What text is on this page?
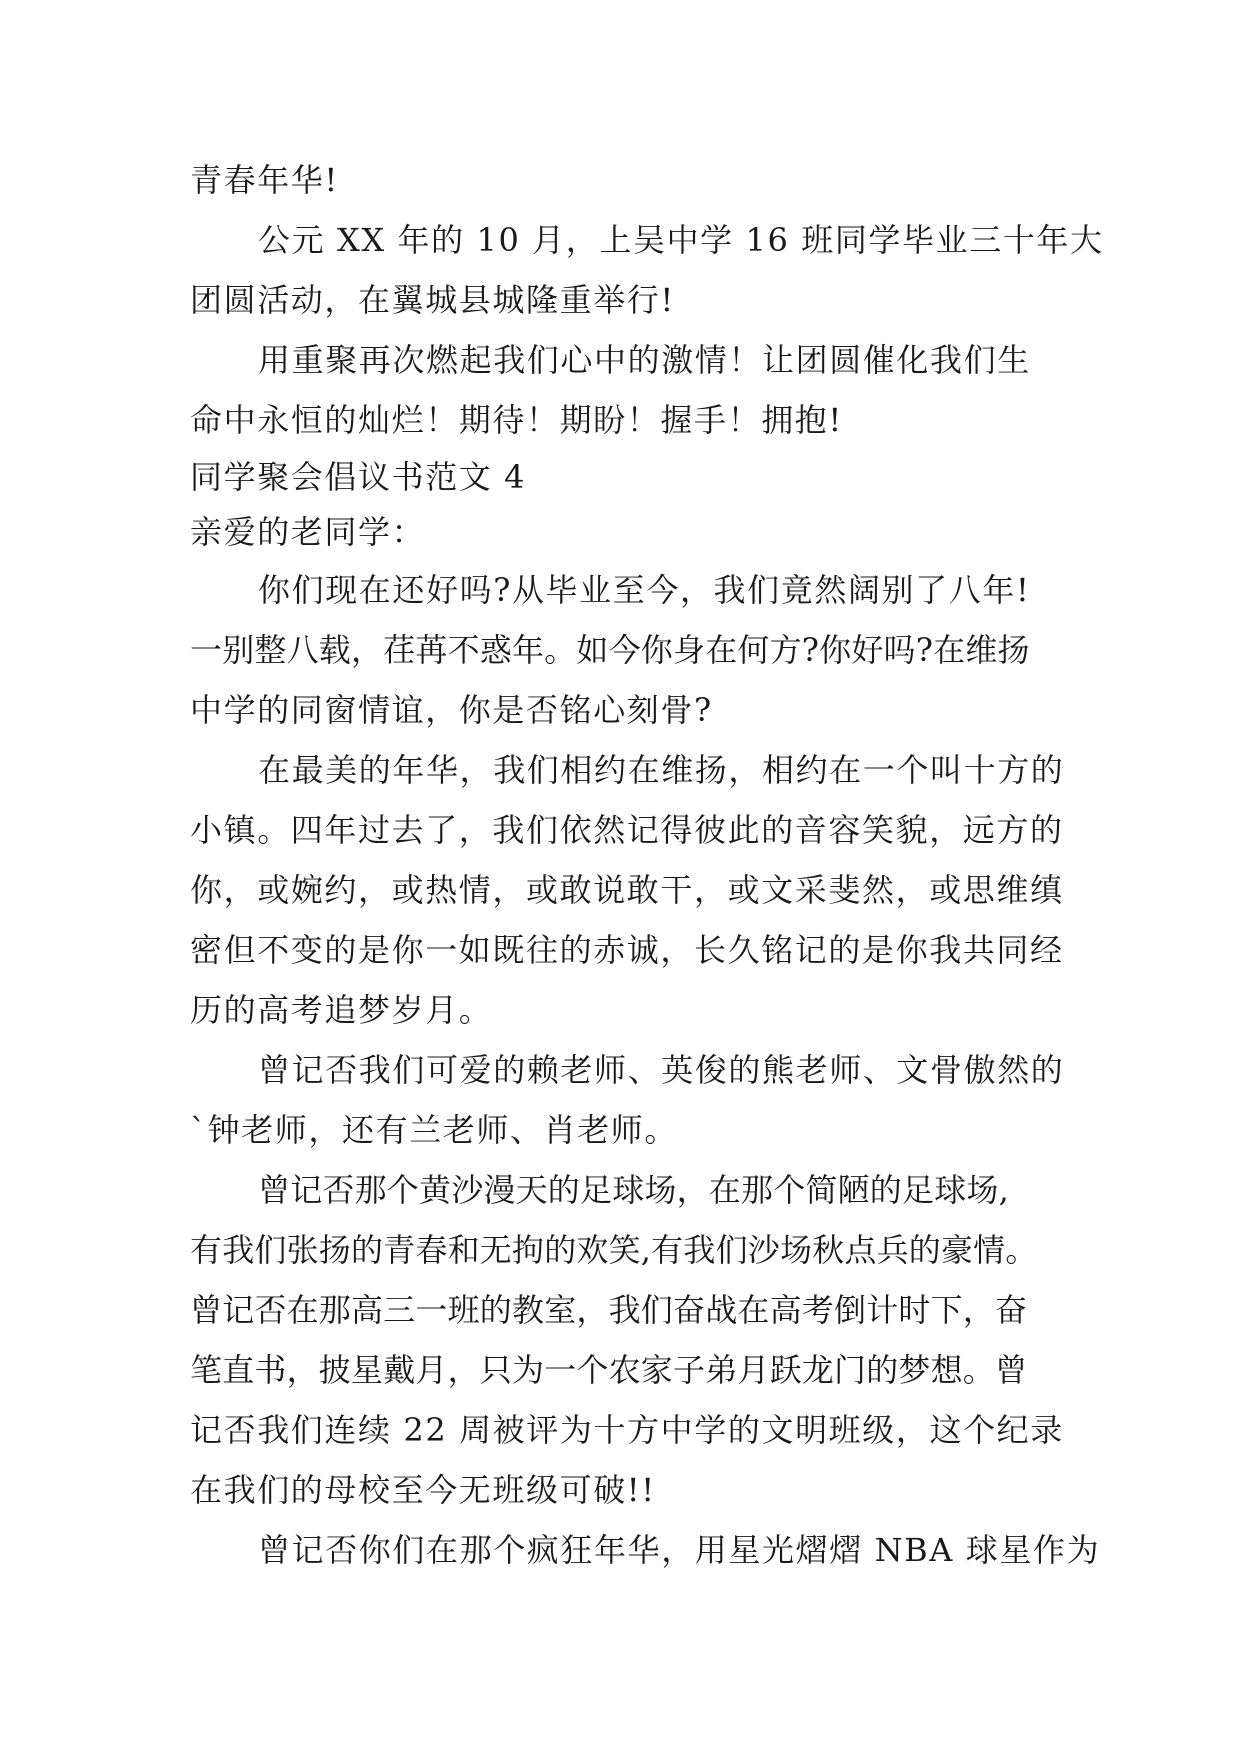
青春年华!
公元 XX 年的 10 月，上吴中学 16 班同学毕业三十年大
团圆活动，在翼城县城隆重举行!
用重聚再次燃起我们心中的激情！让团圆催化我们生
命中永恒的灿烂！期待！期盼！握手！拥抱!
同学聚会倡议书范文 4
亲爱的老同学：
你们现在还好吗?从毕业至今，我们竟然阔别了八年!
一别整八载，荏苒不惑年。如今你身在何方?你好吗?在维扬
中学的同窗情谊，你是否铭心刻骨?
在最美的年华，我们相约在维扬，相约在一个叫十方的
小镇。四年过去了，我们依然记得彼此的音容笑貌，远方的
你，或婉约，或热情，或敢说敢干，或文采斐然，或思维缜
密但不变的是你一如既往的赤诚，长久铭记的是你我共同经
历的高考追梦岁月。
曾记否我们可爱的赖老师、英俊的熊老师、文骨傲然的
`钟老师，还有兰老师、肖老师。
曾记否那个黄沙漫天的足球场，在那个简陋的足球场,
有我们张扬的青春和无拘的欢笑,有我们沙场秋点兵的豪情。
曾记否在那高三一班的教室，我们奋战在高考倒计时下，奋
笔直书，披星戴月，只为一个农家子弟月跃龙门的梦想。曾
记否我们连续 22 周被评为十方中学的文明班级，这个纪录
在我们的母校至今无班级可破!!
曾记否你们在那个疯狂年华，用星光熠熠 NBA 球星作为
